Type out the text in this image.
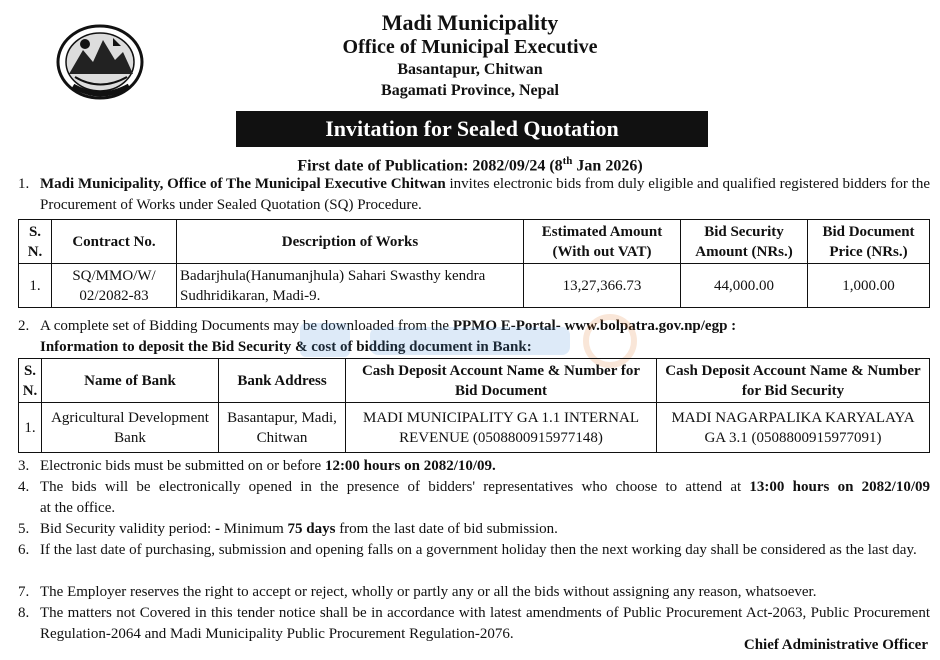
Madi Municipality
Office of Municipal Executive
Basantapur, Chitwan
Bagamati Province, Nepal
Invitation for Sealed Quotation
First date of Publication: 2082/09/24 (8th Jan 2026)
1. Madi Municipality, Office of The Municipal Executive Chitwan invites electronic bids from duly eligible and qualified registered bidders for the Procurement of Works under Sealed Quotation (SQ) Procedure.
S. N.	Contract No.	Description of Works	Estimated Amount (With out VAT)	Bid Security Amount (NRs.)	Bid Document Price (NRs.)
1.	SQ/MMO/W/ 02/2082-83	Badarjhula(Hanumanjhula) Sahari Swasthy kendra Sudhridikaran, Madi-9.	13,27,366.73	44,000.00	1,000.00
2. A complete set of Bidding Documents may be downloaded from the PPMO E-Portal- www.bolpatra.gov.np/egp :
Information to deposit the Bid Security & cost of bidding document in Bank:
S. N.	Name of Bank	Bank Address	Cash Deposit Account Name & Number for Bid Document	Cash Deposit Account Name & Number for Bid Security
1.	Agricultural Development Bank	Basantapur, Madi, Chitwan	MADI MUNICIPALITY GA 1.1 INTERNAL REVENUE (0508800915977148)	MADI NAGARPALIKA KARYALAYA GA 3.1 (0508800915977091)
3. Electronic bids must be submitted on or before 12:00 hours on 2082/10/09.
4. The bids will be electronically opened in the presence of bidders' representatives who choose to attend at 13:00 hours on 2082/10/09
at the office.
5. Bid Security validity period: - Minimum 75 days from the last date of bid submission.
6. If the last date of purchasing, submission and opening falls on a government holiday then the next working day shall be considered as the last day.
7. The Employer reserves the right to accept or reject, wholly or partly any or all the bids without assigning any reason, whatsoever.
8. The matters not Covered in this tender notice shall be in accordance with latest amendments of Public Procurement Act-2063, Public Procurement Regulation-2064 and Madi Municipality Public Procurement Regulation-2076.
Chief Administrative Officer
